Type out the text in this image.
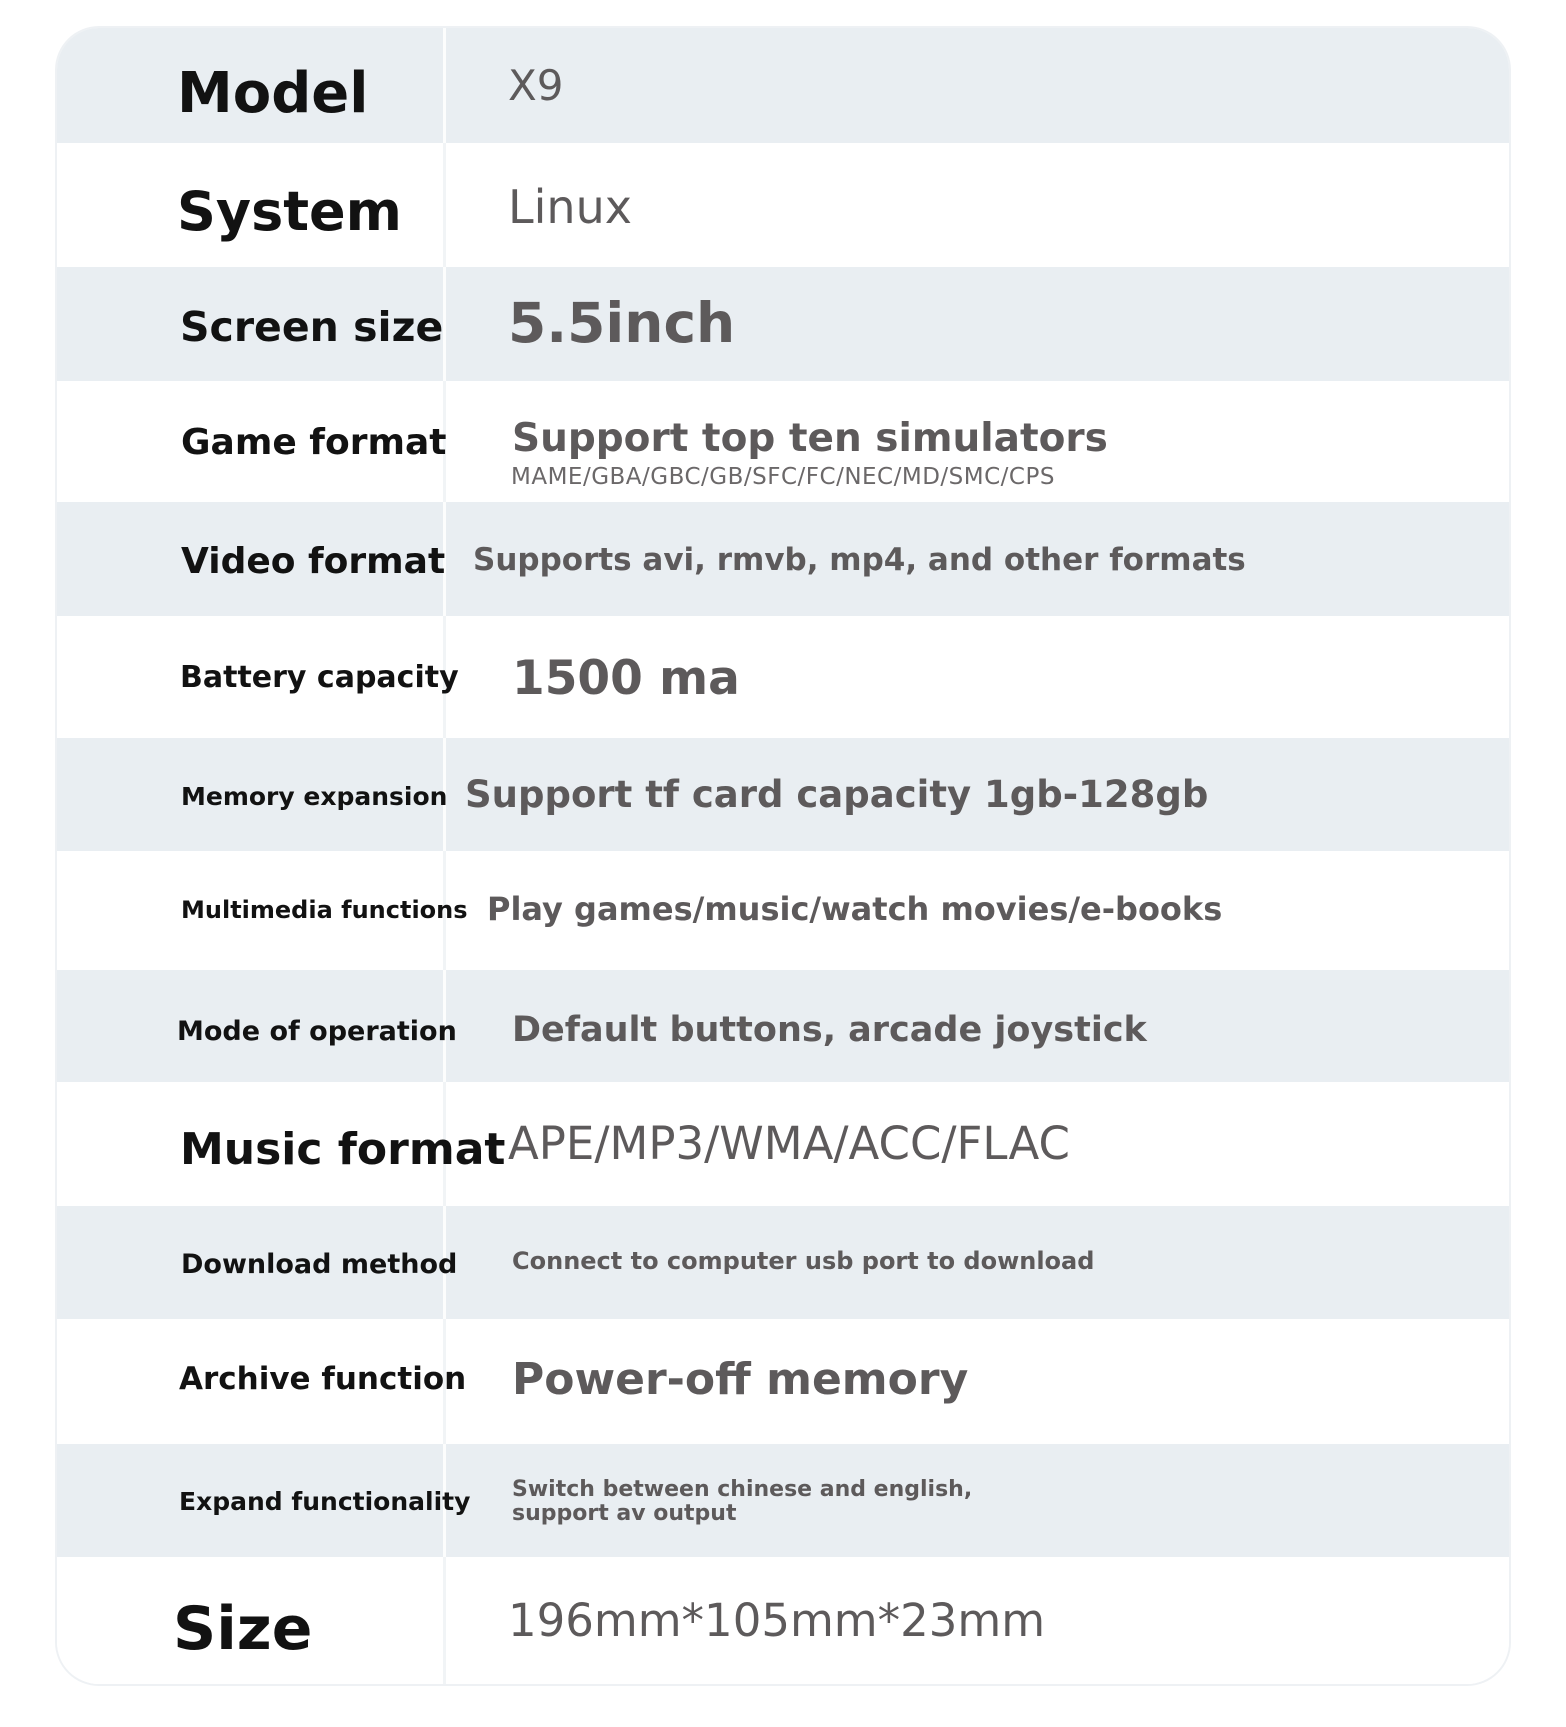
Model	X9
System Linux
Screen size 5.5inch
Game format Support top ten simulators
MAME/GBA/GBC/GB/SFC/FC/NEC/MD/SMC/CPS
Video format Supports avi, rmvb, mp4, and other formats
Battery capacity 1500 ma
Memory expansion Support tf card capacity 1gb-128gb
Multimedia functions Play games/music/watch movies/e-books
Mode of operation Default buttons, arcade joystick
Music format APE/MP3/WMA/ACC/FLAC
Download method Connect to computer usb port to download
Archive function Power-off memory
Expand functionality Switch between chinese and english, support av output
Size	196mm*105mm*23mm
